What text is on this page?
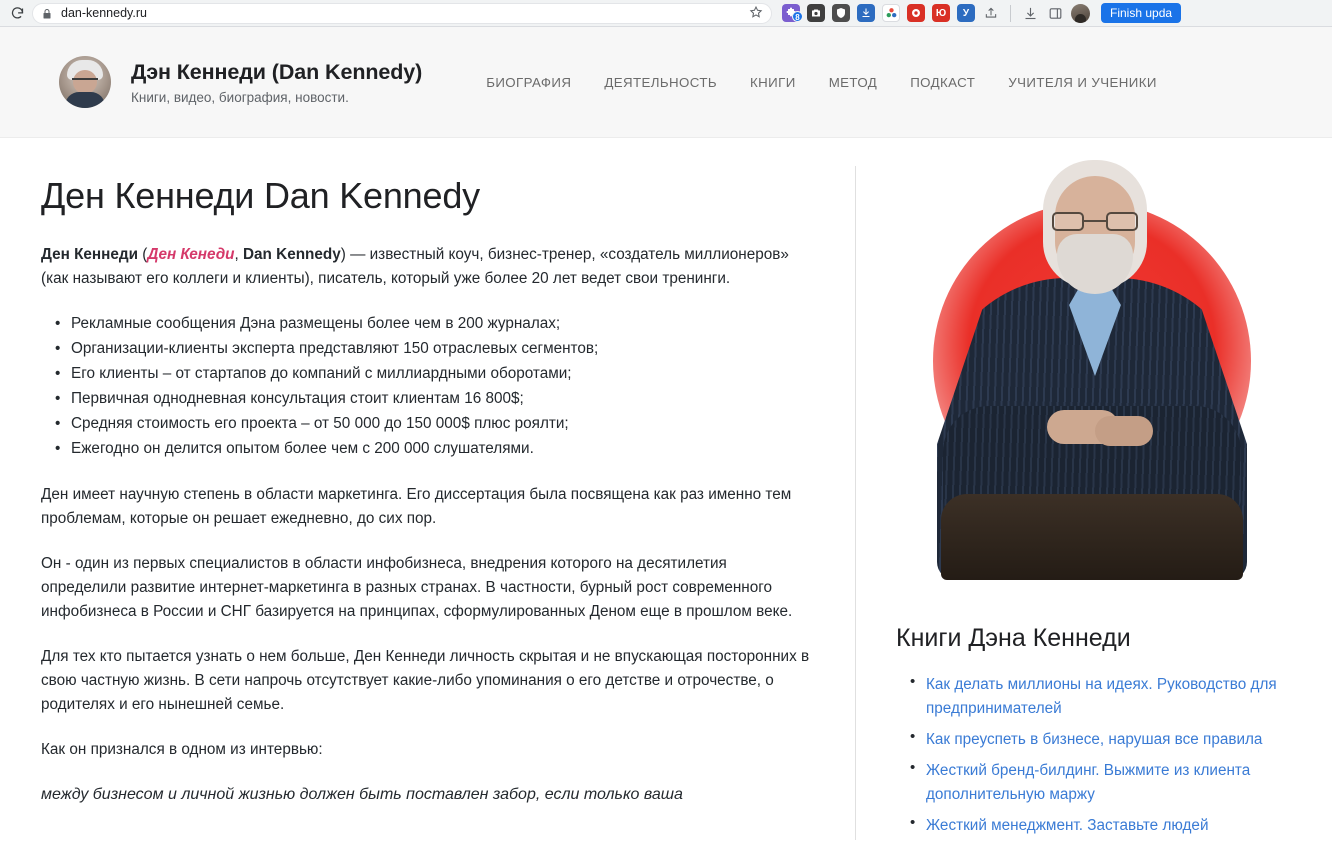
dan-kennedy.ru	8	Ю У	Finish upda
Дэн Кеннеди (Dan Kennedy)
Книги, видео, биография, новости.
БИОГРАФИЯ ДЕЯТЕЛЬНОСТЬ КНИГИ МЕТОД ПОДКАСТ УЧИТЕЛЯ И УЧЕНИКИ
Ден Кеннеди Dan Kennedy

Ден Кеннеди (Ден Кенеди, Dan Kennedy) — известный коуч, бизнес-тренер, «создатель миллионеров» (как называют его коллеги и клиенты), писатель, который уже более 20 лет ведет свои тренинги.

• Рекламные сообщения Дэна размещены более чем в 200 журналах;
• Организации-клиенты эксперта представляют 150 отраслевых сегментов;
• Его клиенты – от стартапов до компаний с миллиардными оборотами;
• Первичная однодневная консультация стоит клиентам 16 800$;
• Средняя стоимость его проекта – от 50 000 до 150 000$ плюс роялти;
• Ежегодно он делится опытом более чем с 200 000 слушателями.

Ден имеет научную степень в области маркетинга. Его диссертация была посвящена как раз именно тем проблемам, которые он решает ежедневно, до сих пор.

Он - один из первых специалистов в области инфобизнеса, внедрения которого на десятилетия определили развитие интернет-маркетинга в разных странах. В частности, бурный рост современного инфобизнеса в России и СНГ базируется на принципах, сформулированных Деном еще в прошлом веке.

Для тех кто пытается узнать о нем больше, Ден Кеннеди личность скрытая и не впускающая посторонних в свою частную жизнь. В сети напрочь отсутствует какие-либо упоминания о его детстве и отрочестве, о родителях и его нынешней семье.

Как он признался в одном из интервью:

между бизнесом и личной жизнью должен быть поставлен забор, если только ваша

Книги Дэна Кеннеди
• Как делать миллионы на идеях. Руководство для предпринимателей
• Как преуспеть в бизнесе, нарушая все правила
• Жесткий бренд-билдинг. Выжмите из клиента дополнительную маржу
• Жесткий менеджмент. Заставьте людей
